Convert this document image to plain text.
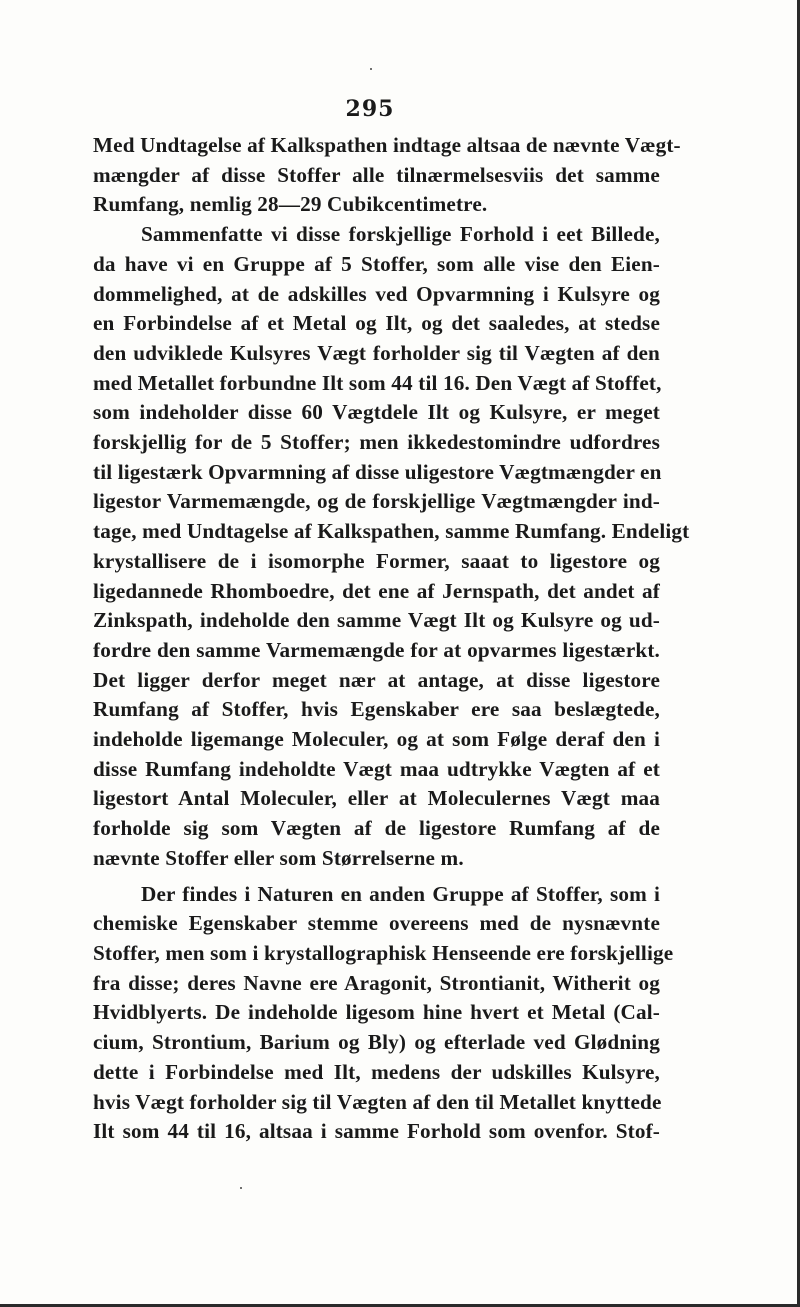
295
Med Undtagelse af Kalkspathen indtage altsaa de nævnte Vægt-
mængder af disse Stoffer alle tilnærmelsesviis det samme
Rumfang, nemlig 28—29 Cubikcentimetre.
Sammenfatte vi disse forskjellige Forhold i eet Billede,
da have vi en Gruppe af 5 Stoffer, som alle vise den Eien-
dommelighed, at de adskilles ved Opvarmning i Kulsyre og
en Forbindelse af et Metal og Ilt, og det saaledes, at stedse
den udviklede Kulsyres Vægt forholder sig til Vægten af den
med Metallet forbundne Ilt som 44 til 16. Den Vægt af Stoffet,
som indeholder disse 60 Vægtdele Ilt og Kulsyre, er meget
forskjellig for de 5 Stoffer; men ikkedestomindre udfordres
til ligestærk Opvarmning af disse uligestore Vægtmængder en
ligestor Varmemængde, og de forskjellige Vægtmængder ind-
tage, med Undtagelse af Kalkspathen, samme Rumfang. Endeligt
krystallisere de i isomorphe Former, saaat to ligestore og
ligedannede Rhomboedre, det ene af Jernspath, det andet af
Zinkspath, indeholde den samme Vægt Ilt og Kulsyre og ud-
fordre den samme Varmemængde for at opvarmes ligestærkt.
Det ligger derfor meget nær at antage, at disse ligestore
Rumfang af Stoffer, hvis Egenskaber ere saa beslægtede,
indeholde ligemange Moleculer, og at som Følge deraf den i
disse Rumfang indeholdte Vægt maa udtrykke Vægten af et
ligestort Antal Moleculer, eller at Moleculernes Vægt maa
forholde sig som Vægten af de ligestore Rumfang af de
nævnte Stoffer eller som Størrelserne m.
Der findes i Naturen en anden Gruppe af Stoffer, som i
chemiske Egenskaber stemme overeens med de nysnævnte
Stoffer, men som i krystallographisk Henseende ere forskjellige
fra disse; deres Navne ere Aragonit, Strontianit, Witherit og
Hvidblyerts. De indeholde ligesom hine hvert et Metal (Cal-
cium, Strontium, Barium og Bly) og efterlade ved Glødning
dette i Forbindelse med Ilt, medens der udskilles Kulsyre,
hvis Vægt forholder sig til Vægten af den til Metallet knyttede
Ilt som 44 til 16, altsaa i samme Forhold som ovenfor. Stof-
